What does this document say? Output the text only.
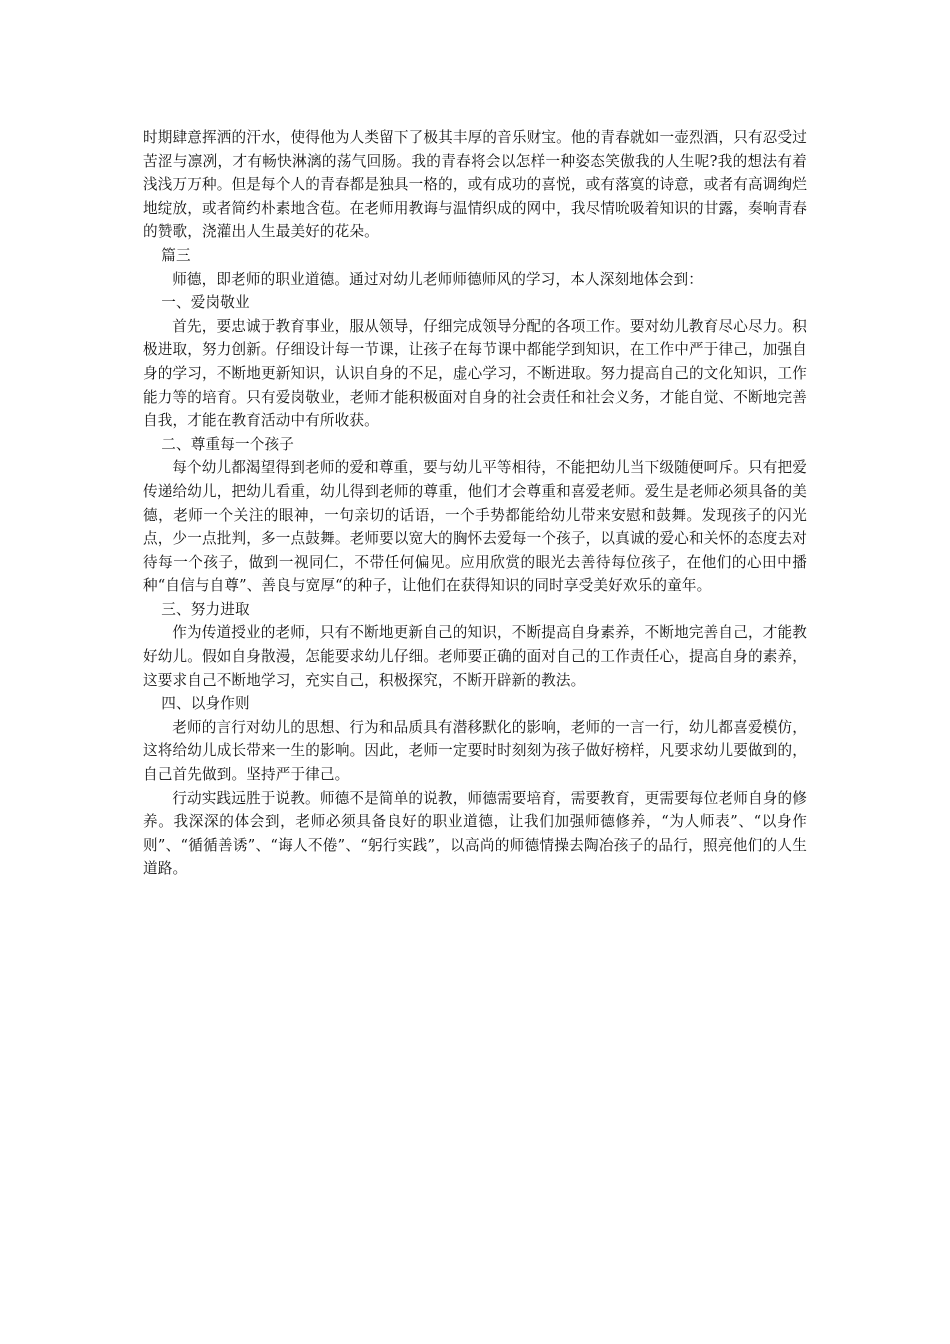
时期肆意挥洒的汗水，使得他为人类留下了极其丰厚的音乐财宝。他的青春就如一壶烈酒，只有忍受过苦涩与凛冽，才有畅快淋漓的荡气回肠。我的青春将会以怎样一种姿态笑傲我的人生呢?我的想法有着浅浅万万种。但是每个人的青春都是独具一格的，或有成功的喜悦，或有落寞的诗意，或者有高调绚烂地绽放，或者简约朴素地含苞。在老师用教诲与温情织成的网中，我尽情吮吸着知识的甘露，奏响青春的赞歌，浇灌出人生最美好的花朵。

篇三

师德，即老师的职业道德。通过对幼儿老师师德师风的学习，本人深刻地体会到：

一、爱岗敬业

首先，要忠诚于教育事业，服从领导，仔细完成领导分配的各项工作。要对幼儿教育尽心尽力。积极进取，努力创新。仔细设计每一节课，让孩子在每节课中都能学到知识，在工作中严于律己，加强自身的学习，不断地更新知识，认识自身的不足，虚心学习，不断进取。努力提高自己的文化知识，工作能力等的培育。只有爱岗敬业，老师才能积极面对自身的社会责任和社会义务，才能自觉、不断地完善自我，才能在教育活动中有所收获。

二、尊重每一个孩子

每个幼儿都渴望得到老师的爱和尊重，要与幼儿平等相待，不能把幼儿当下级随便呵斥。只有把爱传递给幼儿，把幼儿看重，幼儿得到老师的尊重，他们才会尊重和喜爱老师。爱生是老师必须具备的美德，老师一个关注的眼神，一句亲切的话语，一个手势都能给幼儿带来安慰和鼓舞。发现孩子的闪光点，少一点批判，多一点鼓舞。老师要以宽大的胸怀去爱每一个孩子，以真诚的爱心和关怀的态度去对待每一个孩子，做到一视同仁，不带任何偏见。应用欣赏的眼光去善待每位孩子，在他们的心田中播种“自信与自尊”、善良与宽厚“的种子，让他们在获得知识的同时享受美好欢乐的童年。

三、努力进取

作为传道授业的老师，只有不断地更新自己的知识，不断提高自身素养，不断地完善自己，才能教好幼儿。假如自身散漫，怎能要求幼儿仔细。老师要正确的面对自己的工作责任心，提高自身的素养，这要求自己不断地学习，充实自己，积极探究，不断开辟新的教法。

四、以身作则

老师的言行对幼儿的思想、行为和品质具有潜移默化的影响，老师的一言一行，幼儿都喜爱模仿，这将给幼儿成长带来一生的影响。因此，老师一定要时时刻刻为孩子做好榜样，凡要求幼儿要做到的，自己首先做到。坚持严于律己。

行动实践远胜于说教。师德不是简单的说教，师德需要培育，需要教育，更需要每位老师自身的修养。我深深的体会到，老师必须具备良好的职业道德，让我们加强师德修养，“为人师表”、“以身作则”、“循循善诱”、“诲人不倦”、“躬行实践”，以高尚的师德情操去陶冶孩子的品行，照亮他们的人生道路。
